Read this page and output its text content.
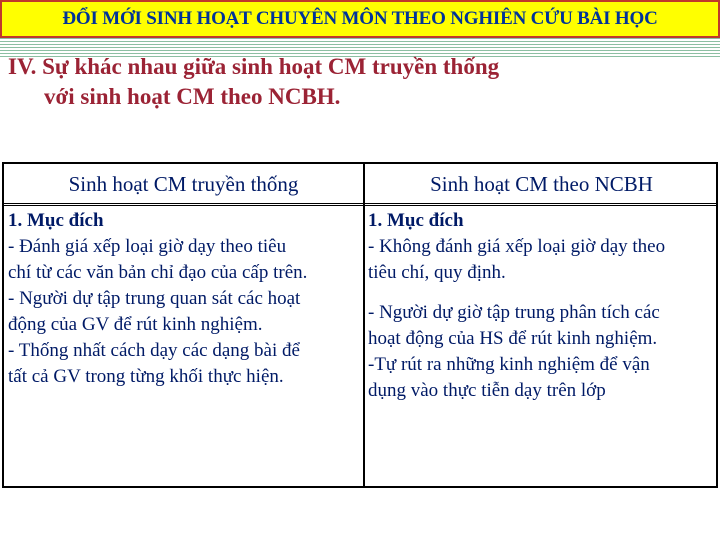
ĐỔI MỚI SINH HOẠT CHUYÊN MÔN THEO NGHIÊN CỨU BÀI HỌC
IV. Sự khác nhau giữa sinh hoạt CM truyền thống
với sinh hoạt CM theo NCBH.
Sinh hoạt CM truyền thống	Sinh hoạt CM theo NCBH
1. Mục đích
- Đánh giá xếp loại giờ dạy theo tiêu
chí từ các văn bản chỉ đạo của cấp trên.
- Người dự tập trung quan sát các hoạt
động của GV để rút kinh nghiệm.
- Thống nhất cách dạy các dạng bài để
tất cả GV trong từng khối thực hiện.
1. Mục đích
- Không đánh giá xếp loại giờ dạy theo
tiêu chí, quy định.
- Người dự giờ tập trung phân tích các
hoạt động của HS để rút kinh nghiệm.
-Tự rút ra những kinh nghiệm để vận
dụng vào thực tiễn dạy trên lớp
